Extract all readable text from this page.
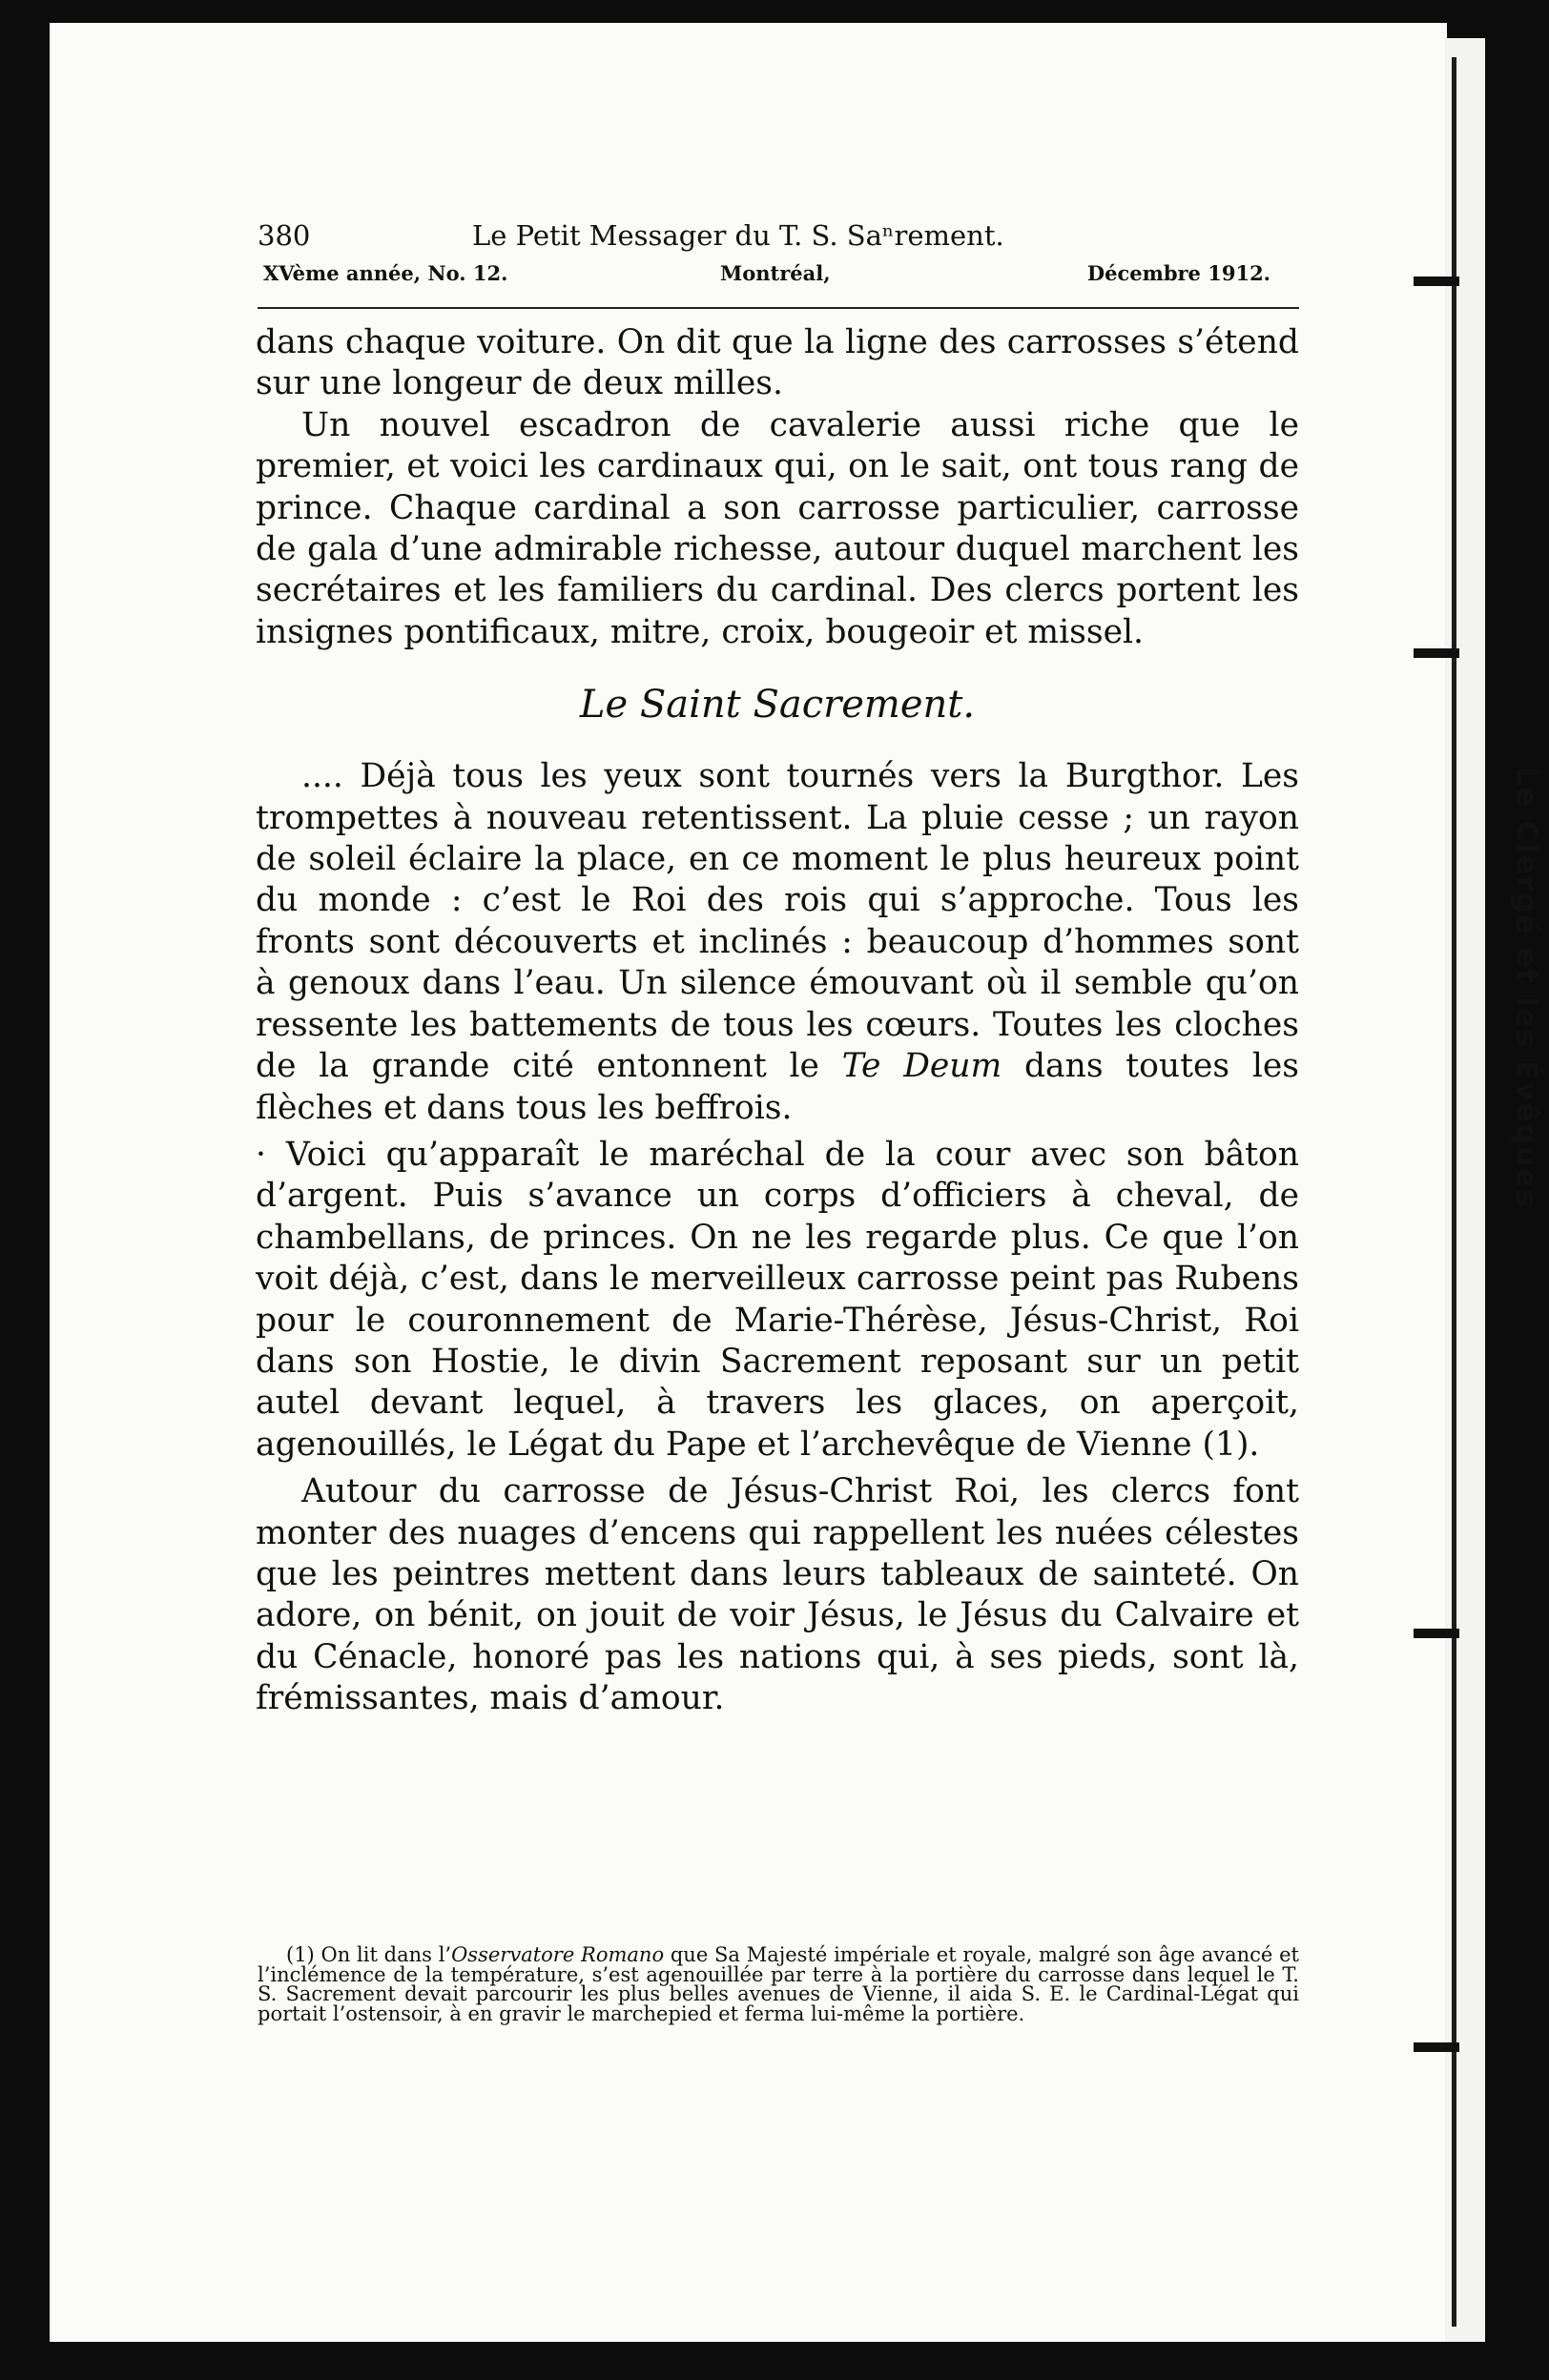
Le Clergé et les Évêques
380	Le Petit Messager du T. S. Saⁿrement.
XVème année, No. 12.	Montréal,	Décembre 1912.

dans chaque voiture. On dit que la ligne des carrosses s’étend sur une longeur de deux milles.

Un nouvel escadron de cavalerie aussi riche que le premier, et voici les cardinaux qui, on le sait, ont tous rang de prince. Chaque cardinal a son carrosse particulier, carrosse de gala d’une admirable richesse, autour duquel marchent les secrétaires et les familiers du cardinal. Des clercs portent les insignes pontificaux, mitre, croix, bougeoir et missel.

Le Saint Sacrement.

.... Déjà tous les yeux sont tournés vers la Burgthor. Les trompettes à nouveau retentissent. La pluie cesse ; un rayon de soleil éclaire la place, en ce moment le plus heureux point du monde : c’est le Roi des rois qui s’approche. Tous les fronts sont découverts et inclinés : beaucoup d’hommes sont à genoux dans l’eau. Un silence émouvant où il semble qu’on ressente les battements de tous les cœurs. Toutes les cloches de la grande cité entonnent le Te Deum dans toutes les flèches et dans tous les beffrois.

· Voici qu’apparaît le maréchal de la cour avec son bâton d’argent. Puis s’avance un corps d’officiers à cheval, de chambellans, de princes. On ne les regarde plus. Ce que l’on voit déjà, c’est, dans le merveilleux carrosse peint pas Rubens pour le couronnement de Marie-Thérèse, Jésus-Christ, Roi dans son Hostie, le divin Sacrement reposant sur un petit autel devant lequel, à travers les glaces, on aperçoit, agenouillés, le Légat du Pape et l’archevêque de Vienne (1).

Autour du carrosse de Jésus-Christ Roi, les clercs font monter des nuages d’encens qui rappellent les nuées célestes que les peintres mettent dans leurs tableaux de sainteté. On adore, on bénit, on jouit de voir Jésus, le Jésus du Calvaire et du Cénacle, honoré pas les nations qui, à ses pieds, sont là, frémissantes, mais d’amour.

(1) On lit dans l’Osservatore Romano que Sa Majesté impériale et royale, malgré son âge avancé et l’inclémence de la température, s’est agenouillée par terre à la portière du carrosse dans lequel le T. S. Sacrement devait parcourir les plus belles avenues de Vienne, il aida S. E. le Cardinal-Légat qui portait l’ostensoir, à en gravir le marchepied et ferma lui-même la portière.
